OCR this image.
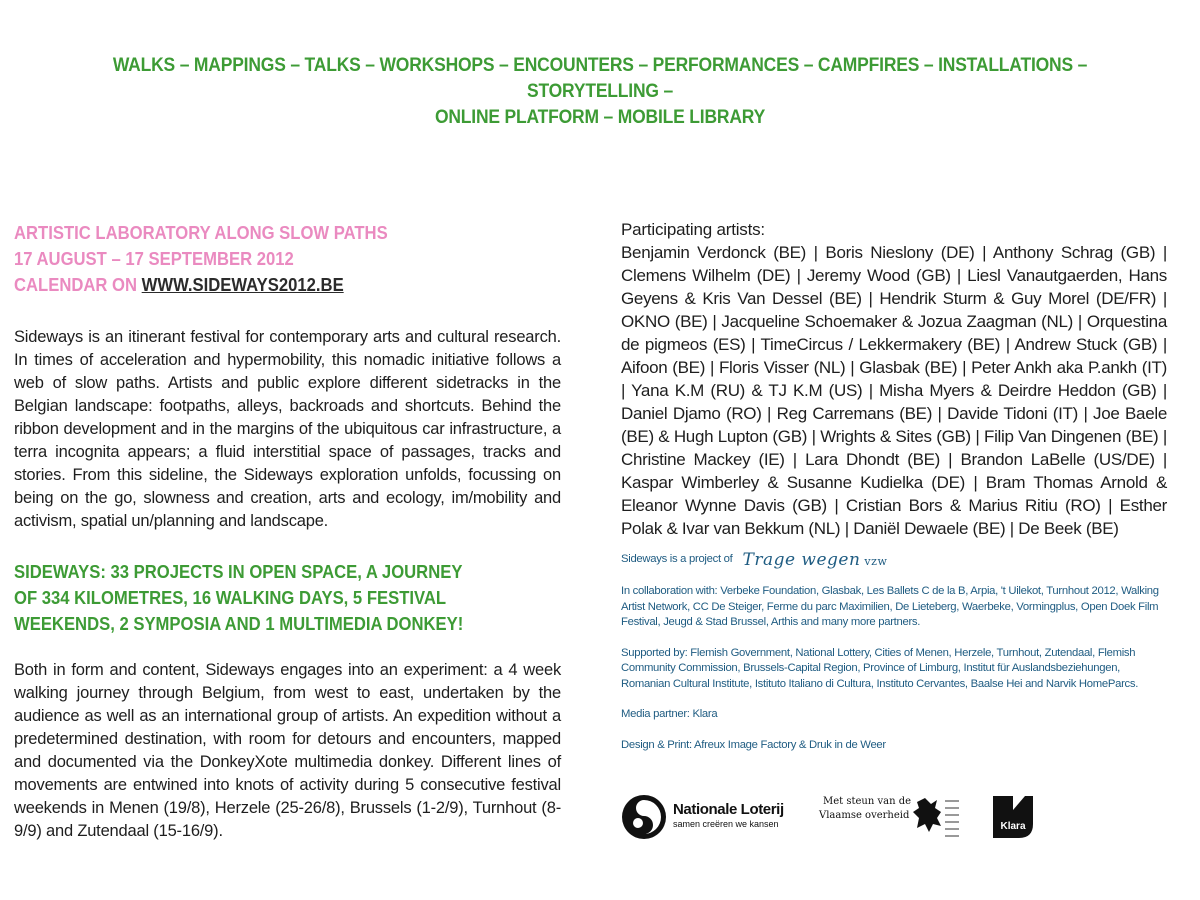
WALKS – MAPPINGS – TALKS – WORKSHOPS – ENCOUNTERS – PERFORMANCES – CAMPFIRES – INSTALLATIONS – STORYTELLING –
ONLINE PLATFORM – MOBILE LIBRARY
ARTISTIC LABORATORY ALONG SLOW PATHS
17 AUGUST – 17 SEPTEMBER 2012
CALENDAR ON WWW.SIDEWAYS2012.BE

Sideways is an itinerant festival for contemporary arts and cultural research. In times of acceleration and hypermobility, this nomadic initiative follows a web of slow paths. Artists and public explore different sidetracks in the Belgian landscape: footpaths, alleys, backroads and shortcuts. Behind the ribbon development and in the margins of the ubiquitous car infrastructure, a terra incognita appears; a fluid interstitial space of passages, tracks and stories. From this sideline, the Sideways exploration unfolds, focussing on being on the go, slowness and creation, arts and ecology, im/mobility and activism, spatial un/planning and landscape.

SIDEWAYS: 33 PROJECTS IN OPEN SPACE, A JOURNEY
OF 334 KILOMETRES, 16 WALKING DAYS, 5 FESTIVAL
WEEKENDS, 2 SYMPOSIA AND 1 MULTIMEDIA DONKEY!

Both in form and content, Sideways engages into an experiment: a 4 week walking journey through Belgium, from west to east, undertaken by the audience as well as an international group of artists. An expedition without a predetermined destination, with room for detours and encounters, mapped and documented via the DonkeyXote multimedia donkey. Different lines of movements are entwined into knots of activity during 5 consecutive festival weekends in Menen (19/8), Herzele (25-26/8), Brussels (1-2/9), Turnhout (8-9/9) and Zutendaal (15-16/9).

Participating artists:
Benjamin Verdonck (BE) | Boris Nieslony (DE) | Anthony Schrag (GB) | Clemens Wilhelm (DE) | Jeremy Wood (GB) | Liesl Vanautgaerden, Hans Geyens & Kris Van Dessel (BE) | Hendrik Sturm & Guy Morel (DE/FR) | OKNO (BE) | Jacqueline Schoemaker & Jozua Zaagman (NL) | Orquestina de pigmeos (ES) | TimeCircus / Lekkermakery (BE) | Andrew Stuck (GB) | Aifoon (BE) | Floris Visser (NL) | Glasbak (BE) | Peter Ankh aka P.ankh (IT) | Yana K.M (RU) & TJ K.M (US) | Misha Myers & Deirdre Heddon (GB) | Daniel Djamo (RO) | Reg Carremans (BE) | Davide Tidoni (IT) | Joe Baele (BE) & Hugh Lupton (GB) | Wrights & Sites (GB) | Filip Van Dingenen (BE) | Christine Mackey (IE) | Lara Dhondt (BE) | Brandon LaBelle (US/DE) | Kaspar Wimberley & Susanne Kudielka (DE) | Bram Thomas Arnold & Eleanor Wynne Davis (GB) | Cristian Bors & Marius Ritiu (RO) | Esther Polak & Ivar van Bekkum (NL) | Daniël Dewaele (BE) | De Beek (BE)
Sideways is a project of Trage wegen vzw
In collaboration with: Verbeke Foundation, Glasbak, Les Ballets C de la B, Arpia, 't Uilekot, Turnhout 2012, Walking Artist Network, CC De Steiger, Ferme du parc Maximilien, De Lieteberg, Waerbeke, Vormingplus, Open Doek Film Festival, Jeugd & Stad Brussel, Arthis and many more partners.
Supported by: Flemish Government, National Lottery, Cities of Menen, Herzele, Turnhout, Zutendaal, Flemish Community Commission, Brussels-Capital Region, Province of Limburg, Institut für Auslandsbeziehungen, Romanian Cultural Institute, Istituto Italiano di Cultura, Instituto Cervantes, Baalse Hei and Narvik HomeParcs.
Media partner: Klara
Design & Print: Afreux Image Factory & Druk in de Weer
Nationale Loterij
samen creëren we kansen
Met steun van de
Vlaamse overheid
Klara
